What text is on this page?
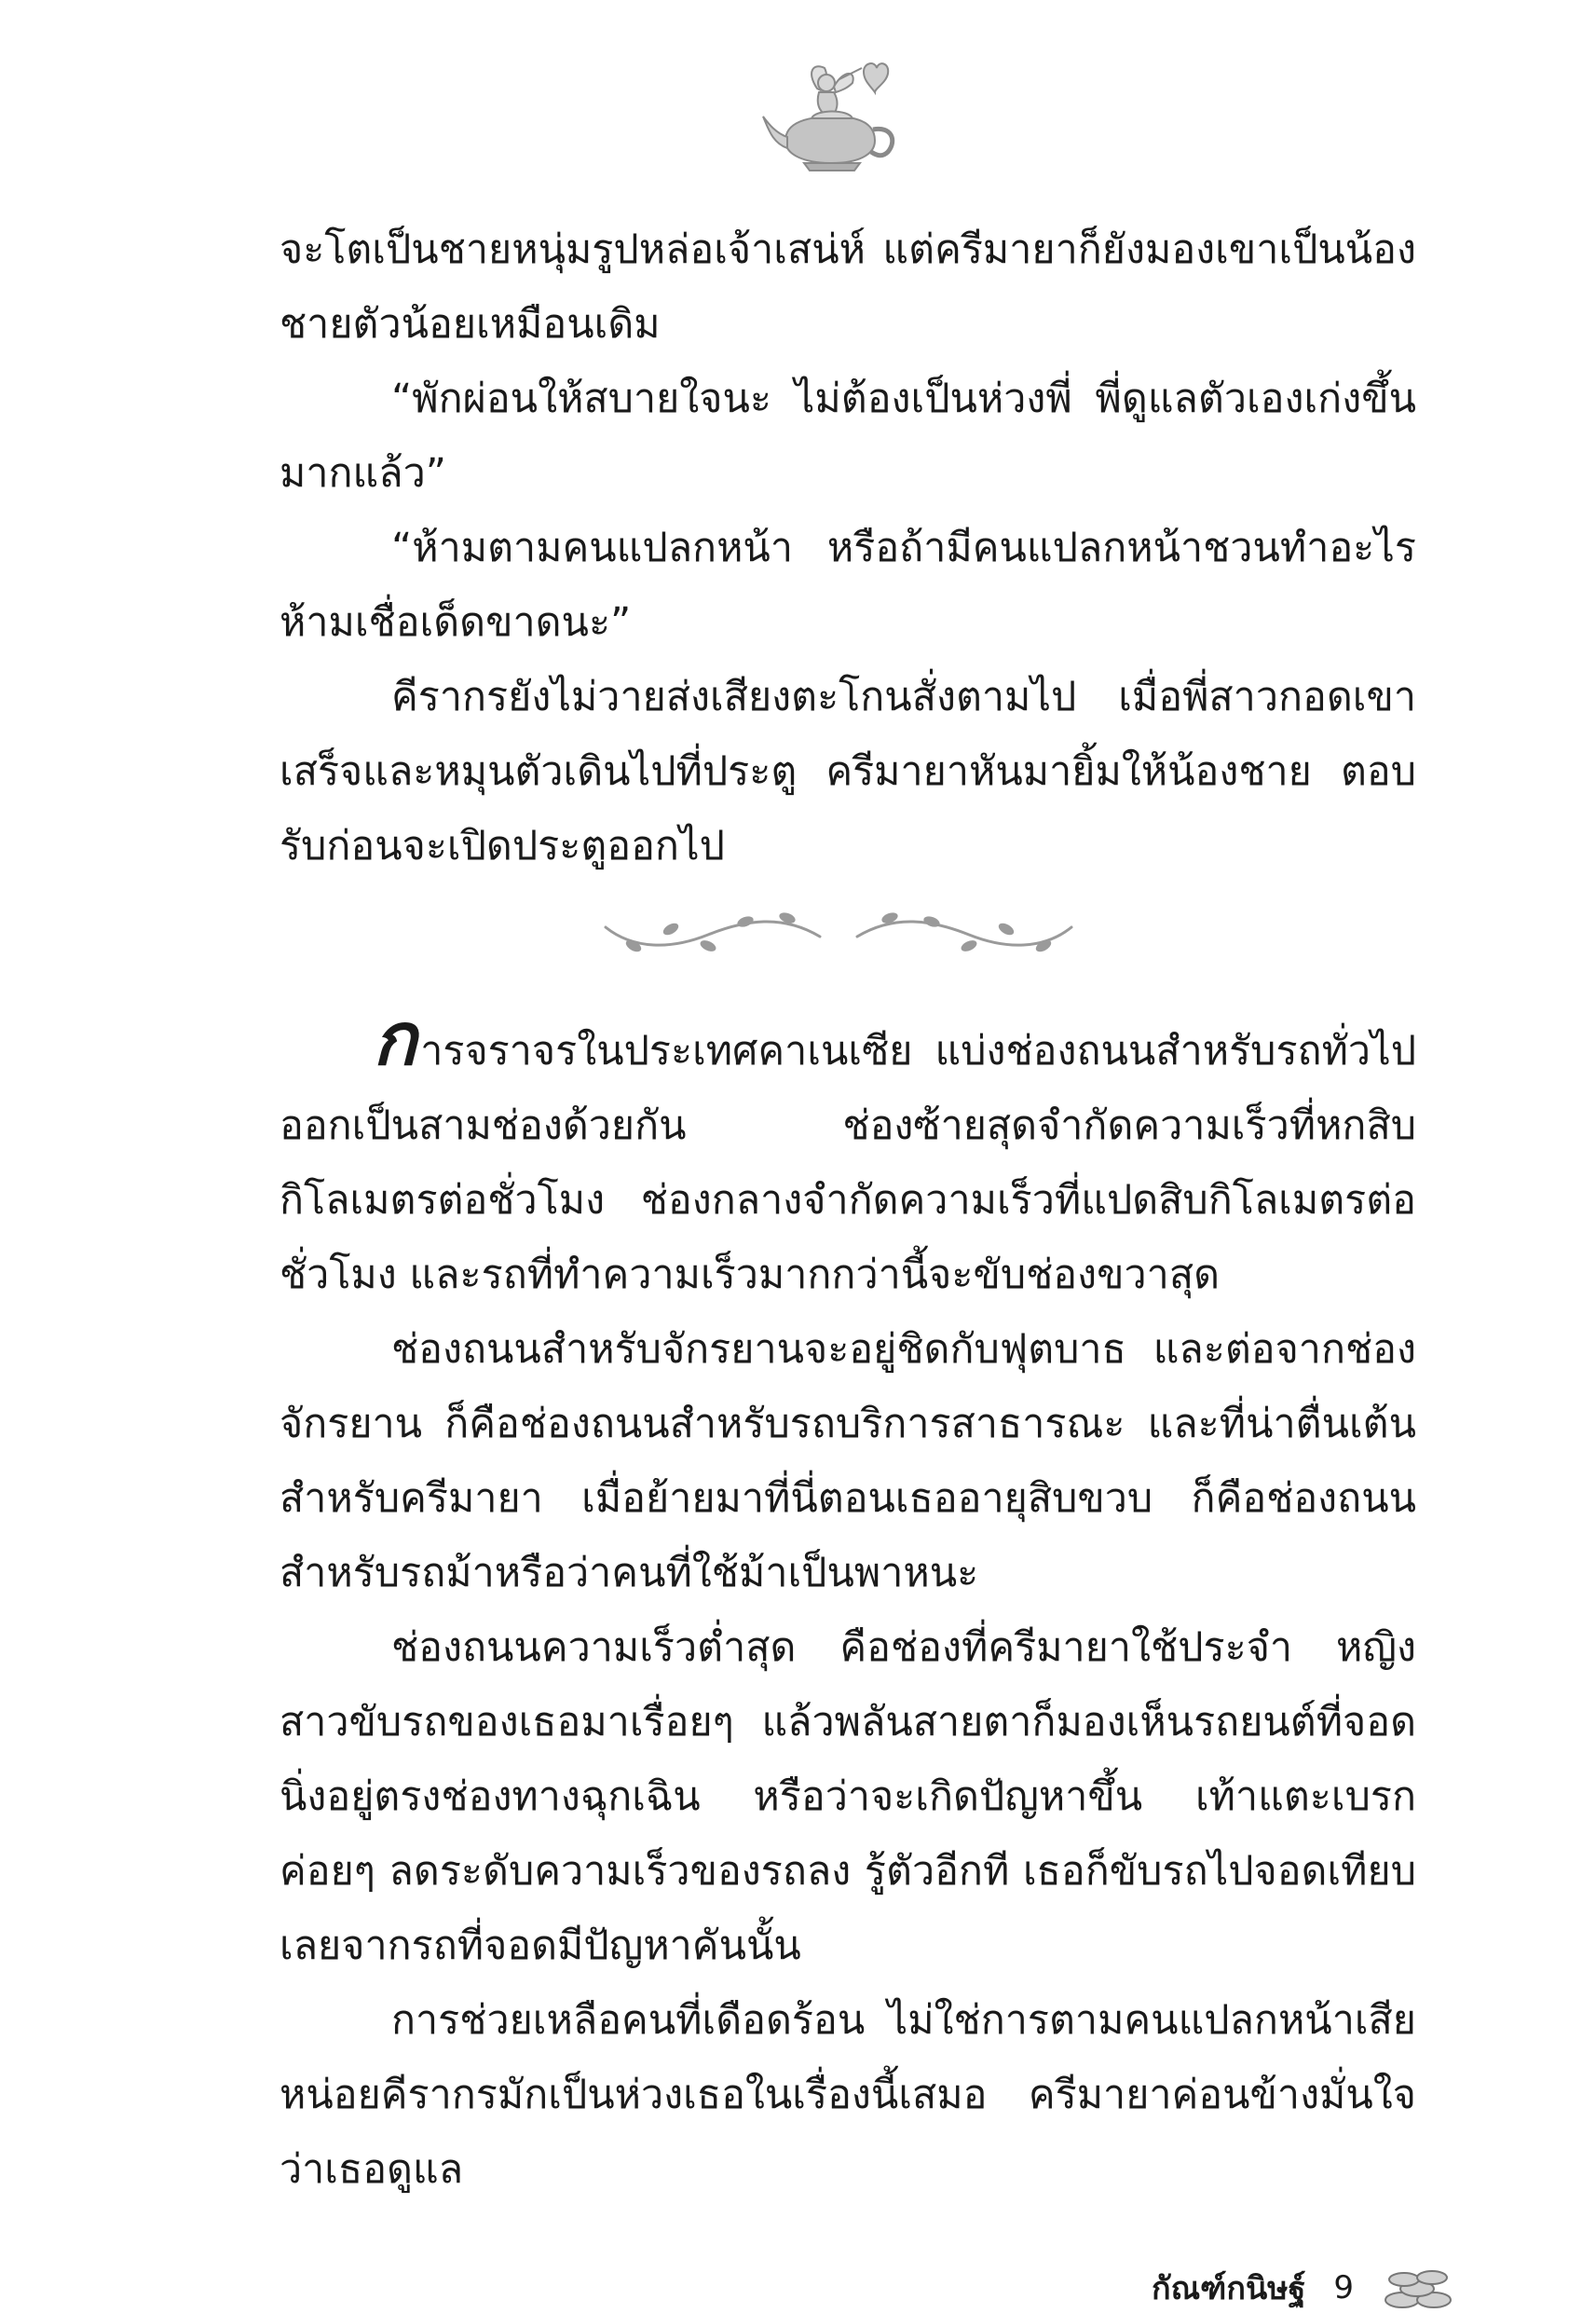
จะโตเป็นชายหนุ่มรูปหล่อเจ้าเสน่ห์ แต่ครีมายาก็ยังมองเขาเป็นน้องชายตัวน้อยเหมือนเดิม

“พักผ่อนให้สบายใจนะ ไม่ต้องเป็นห่วงพี่ พี่ดูแลตัวเองเก่งขึ้นมากแล้ว”

“ห้ามตามคนแปลกหน้า หรือถ้ามีคนแปลกหน้าชวนทำอะไรห้ามเชื่อเด็ดขาดนะ”

คีรากรยังไม่วายส่งเสียงตะโกนสั่งตามไป เมื่อพี่สาวกอดเขาเสร็จและหมุนตัวเดินไปที่ประตู ครีมายาหันมายิ้มให้น้องชาย ตอบรับก่อนจะเปิดประตูออกไป

การจราจรในประเทศคาเนเซีย แบ่งช่องถนนสำหรับรถทั่วไปออกเป็นสามช่องด้วยกัน ช่องซ้ายสุดจำกัดความเร็วที่หกสิบกิโลเมตรต่อชั่วโมง ช่องกลางจำกัดความเร็วที่แปดสิบกิโลเมตรต่อชั่วโมง และรถที่ทำความเร็วมากกว่านี้จะขับช่องขวาสุด

ช่องถนนสำหรับจักรยานจะอยู่ชิดกับฟุตบาธ และต่อจากช่องจักรยาน ก็คือช่องถนนสำหรับรถบริการสาธารณะ และที่น่าตื่นเต้นสำหรับครีมายา เมื่อย้ายมาที่นี่ตอนเธออายุสิบขวบ ก็คือช่องถนนสำหรับรถม้าหรือว่าคนที่ใช้ม้าเป็นพาหนะ

ช่องถนนความเร็วต่ำสุด คือช่องที่ครีมายาใช้ประจำ หญิงสาวขับรถของเธอมาเรื่อยๆ แล้วพลันสายตาก็มองเห็นรถยนต์ที่จอดนิ่งอยู่ตรงช่องทางฉุกเฉิน หรือว่าจะเกิดปัญหาขึ้น เท้าแตะเบรกค่อยๆ ลดระดับความเร็วของรถลง รู้ตัวอีกที เธอก็ขับรถไปจอดเทียบเลยจากรถที่จอดมีปัญหาคันนั้น

การช่วยเหลือคนที่เดือดร้อน ไม่ใช่การตามคนแปลกหน้าเสียหน่อยคีรากรมักเป็นห่วงเธอในเรื่องนี้เสมอ ครีมายาค่อนข้างมั่นใจว่าเธอดูแล

กัณฑ์กนิษฐ์ 9
